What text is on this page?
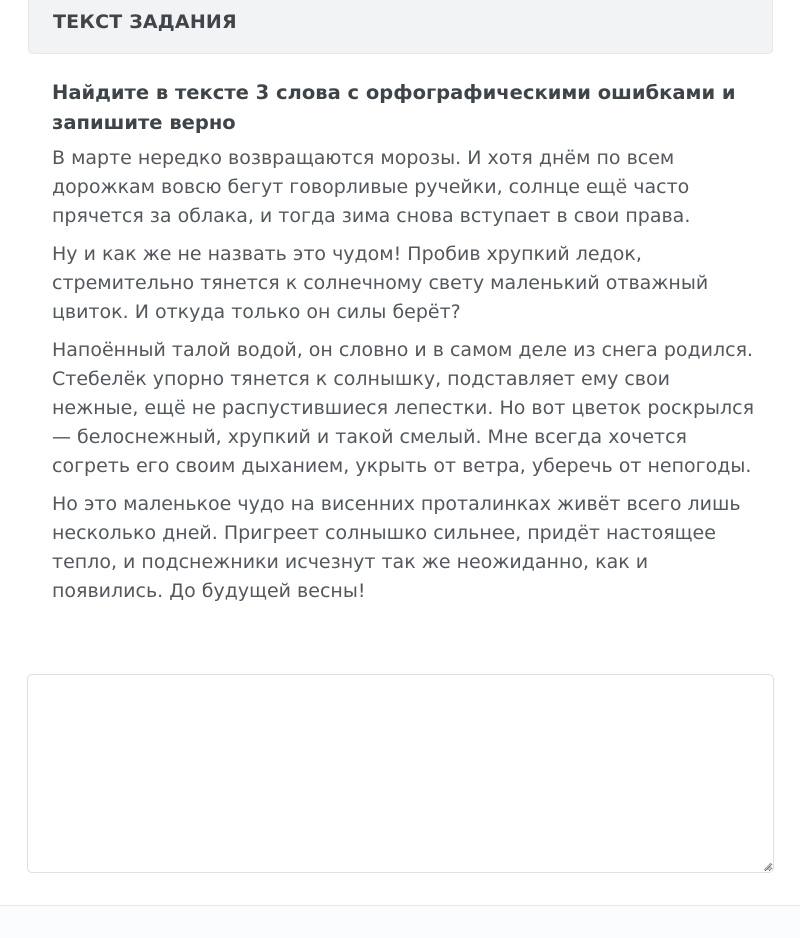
ТЕКСТ ЗАДАНИЯ

Найдите в тексте 3 слова с орфографическими ошибками и запишите верно

В марте нередко возвращаются морозы. И хотя днём по всем дорожкам вовсю бегут говорливые ручейки, солнце ещё часто прячется за облака, и тогда зима снова вступает в свои права.

Ну и как же не назвать это чудом! Пробив хрупкий ледок, стремительно тянется к солнечному свету маленький отважный цвиток. И откуда только он силы берёт?

Напоённый талой водой, он словно и в самом деле из снега родился. Стебелёк упорно тянется к солнышку, подставляет ему свои нежные, ещё не распустившиеся лепестки. Но вот цветок роскрылся — белоснежный, хрупкий и такой смелый. Мне всегда хочется согреть его своим дыханием, укрыть от ветра, уберечь от непогоды.

Но это маленькое чудо на висенних проталинках живёт всего лишь несколько дней. Пригреет солнышко сильнее, придёт настоящее тепло, и подснежники исчезнут так же неожиданно, как и появились. До будущей весны!
